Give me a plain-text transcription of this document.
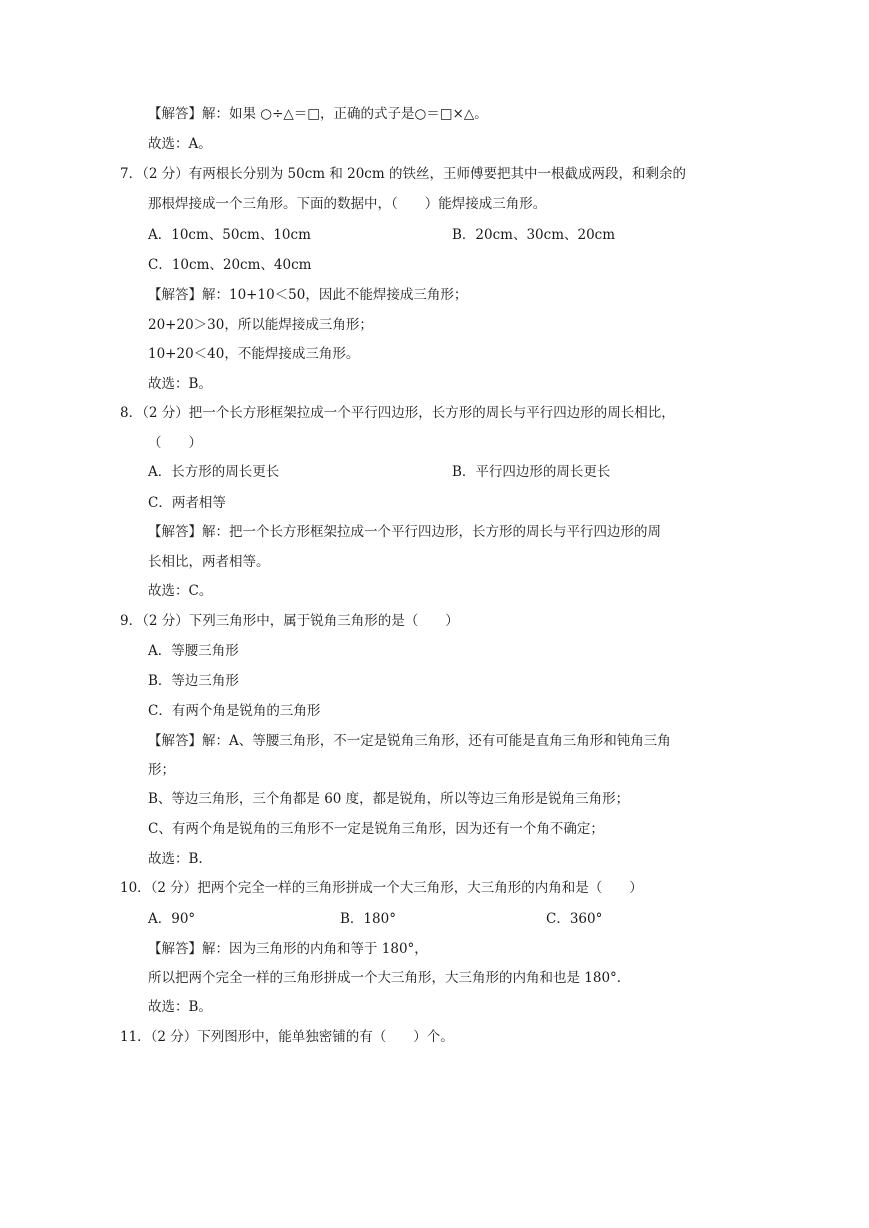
【解答】解：如果 ○÷△＝□，正确的式子是○＝□×△。
故选：A。
7．（2 分）有两根长分别为 50cm 和 20cm 的铁丝，王师傅要把其中一根截成两段，和剩余的
那根焊接成一个三角形。下面的数据中，（　　）能焊接成三角形。
A．10cm、50cm、10cm	B．20cm、30cm、20cm
C．10cm、20cm、40cm
【解答】解：10+10＜50，因此不能焊接成三角形；
20+20＞30，所以能焊接成三角形；
10+20＜40，不能焊接成三角形。
故选：B。
8．（2 分）把一个长方形框架拉成一个平行四边形，长方形的周长与平行四边形的周长相比，
（　　）
A．长方形的周长更长	B．平行四边形的周长更长
C．两者相等
【解答】解：把一个长方形框架拉成一个平行四边形，长方形的周长与平行四边形的周
长相比，两者相等。
故选：C。
9．（2 分）下列三角形中，属于锐角三角形的是（　　）
A．等腰三角形
B．等边三角形
C．有两个角是锐角的三角形
【解答】解：A、等腰三角形，不一定是锐角三角形，还有可能是直角三角形和钝角三角
形；
B、等边三角形，三个角都是 60 度，都是锐角，所以等边三角形是锐角三角形；
C、有两个角是锐角的三角形不一定是锐角三角形，因为还有一个角不确定；
故选：B.
10．（2 分）把两个完全一样的三角形拼成一个大三角形，大三角形的内角和是（　　）
A．90°	B．180°	C．360°
【解答】解：因为三角形的内角和等于 180°，
所以把两个完全一样的三角形拼成一个大三角形，大三角形的内角和也是 180°．
故选：B。
11．（2 分）下列图形中，能单独密铺的有（　　）个。
